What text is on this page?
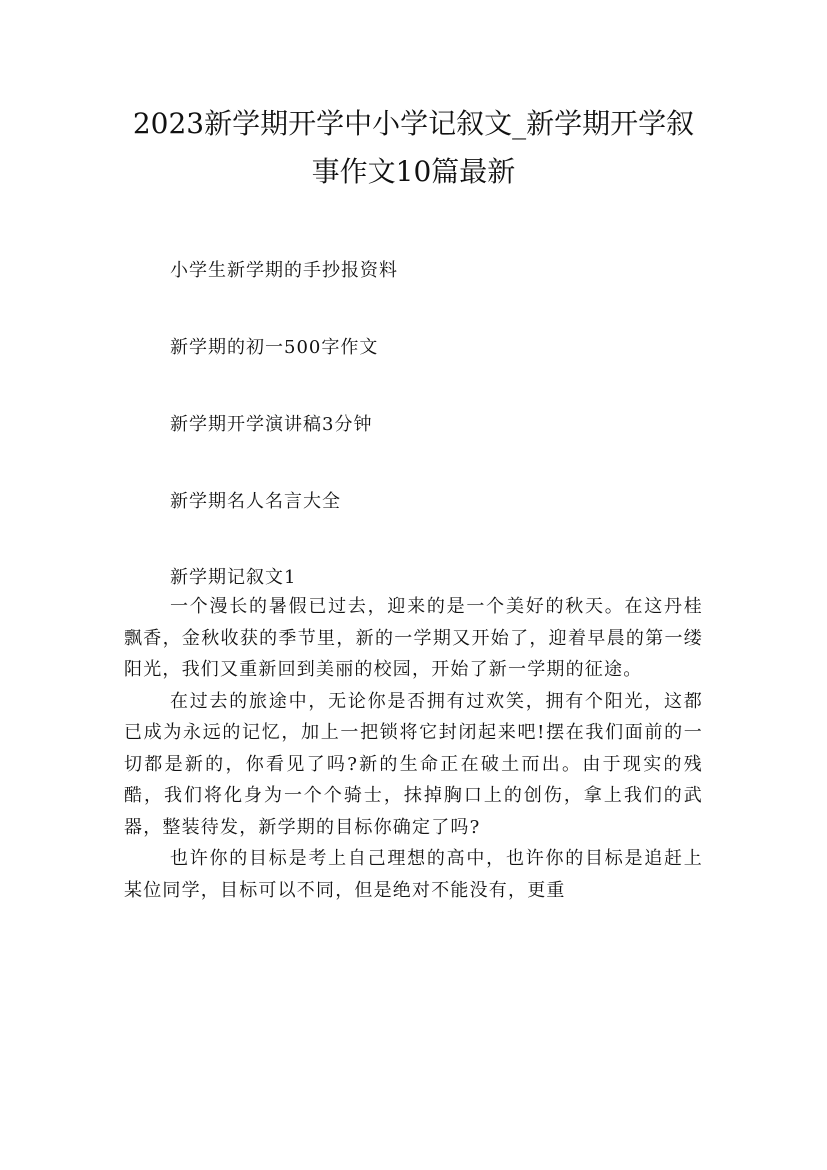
2023新学期开学中小学记叙文_新学期开学叙事作文10篇最新
小学生新学期的手抄报资料
新学期的初一500字作文
新学期开学演讲稿3分钟
新学期名人名言大全
新学期记叙文1

一个漫长的暑假已过去，迎来的是一个美好的秋天。在这丹桂飘香，金秋收获的季节里，新的一学期又开始了，迎着早晨的第一缕阳光，我们又重新回到美丽的校园，开始了新一学期的征途。

在过去的旅途中，无论你是否拥有过欢笑，拥有个阳光，这都已成为永远的记忆，加上一把锁将它封闭起来吧!摆在我们面前的一切都是新的，你看见了吗?新的生命正在破土而出。由于现实的残酷，我们将化身为一个个骑士，抹掉胸口上的创伤，拿上我们的武器，整装待发，新学期的目标你确定了吗?

也许你的目标是考上自己理想的高中，也许你的目标是追赶上某位同学，目标可以不同，但是绝对不能没有，更重
